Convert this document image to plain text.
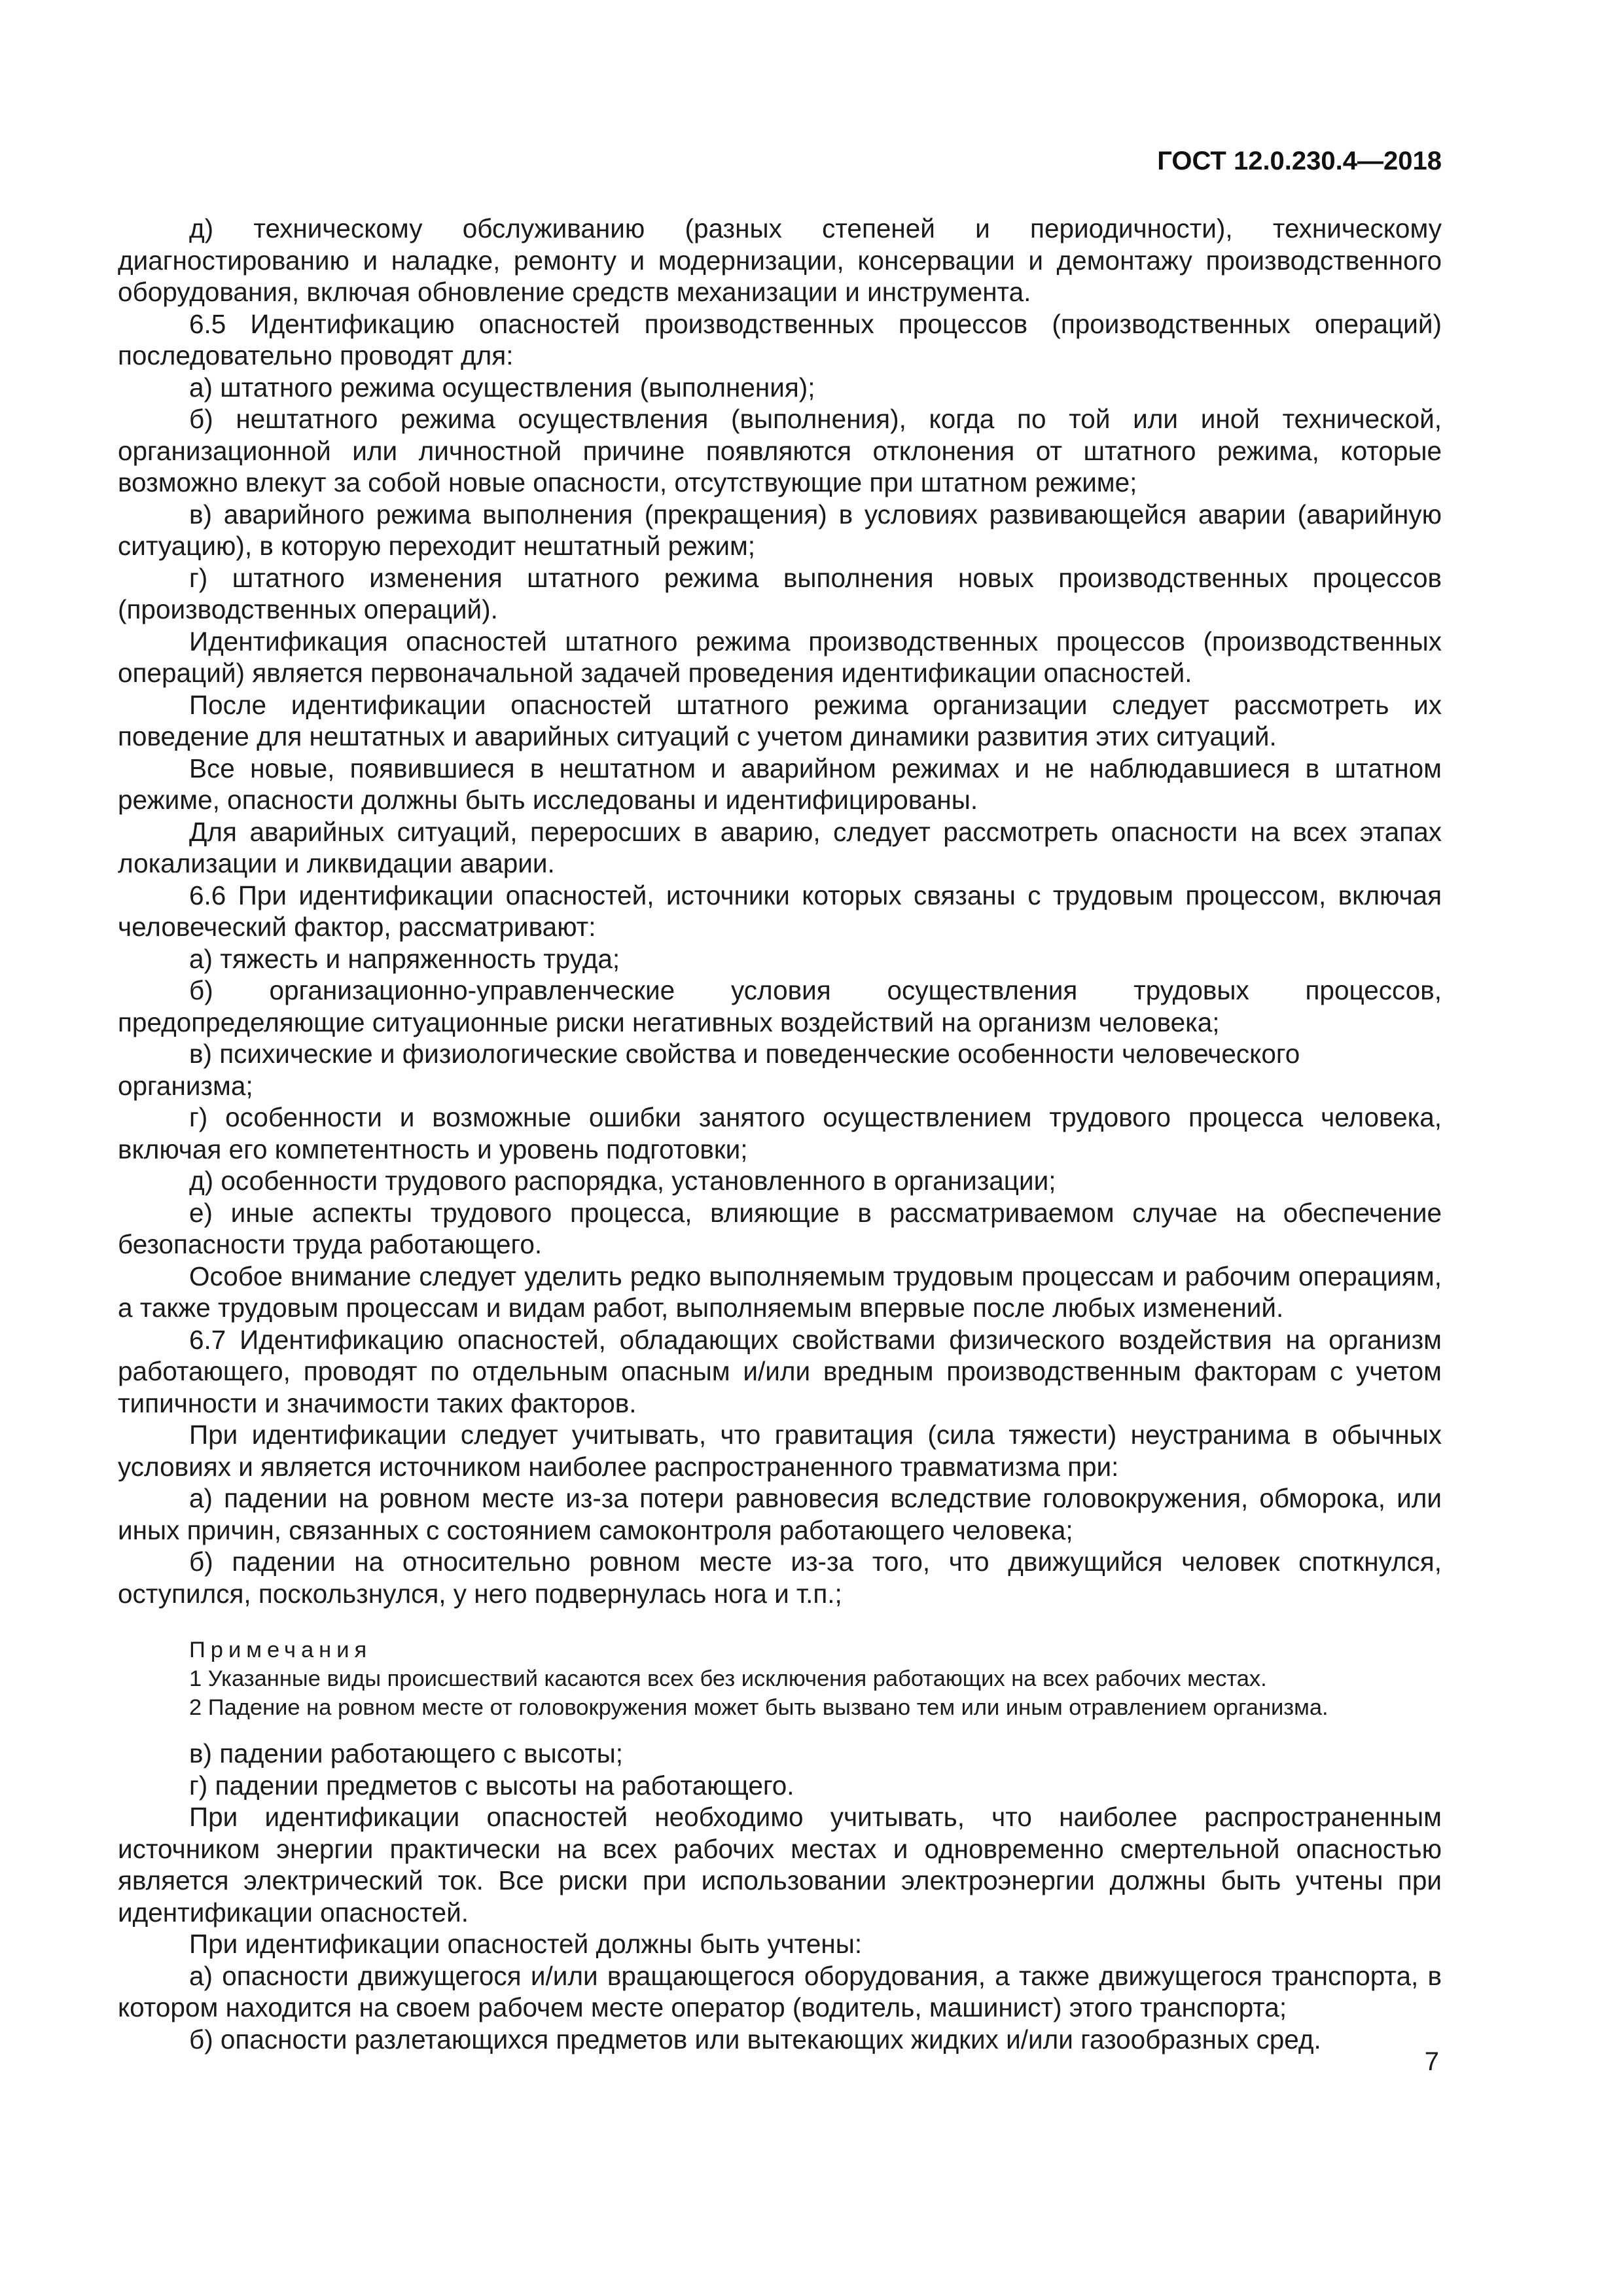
ГОСТ 12.0.230.4—2018

д) техническому обслуживанию (разных степеней и периодичности), техническому диагностированию и наладке, ремонту и модернизации, консервации и демонтажу производственного оборудования, включая обновление средств механизации и инструмента.

6.5 Идентификацию опасностей производственных процессов (производственных операций) последовательно проводят для:

а) штатного режима осуществления (выполнения);

б) нештатного режима осуществления (выполнения), когда по той или иной технической, организационной или личностной причине появляются отклонения от штатного режима, которые возможно влекут за собой новые опасности, отсутствующие при штатном режиме;

в) аварийного режима выполнения (прекращения) в условиях развивающейся аварии (аварийную ситуацию), в которую переходит нештатный режим;

г) штатного изменения штатного режима выполнения новых производственных процессов (производственных операций).

Идентификация опасностей штатного режима производственных процессов (производственных операций) является первоначальной задачей проведения идентификации опасностей.

После идентификации опасностей штатного режима организации следует рассмотреть их поведение для нештатных и аварийных ситуаций с учетом динамики развития этих ситуаций.

Все новые, появившиеся в нештатном и аварийном режимах и не наблюдавшиеся в штатном режиме, опасности должны быть исследованы и идентифицированы.

Для аварийных ситуаций, переросших в аварию, следует рассмотреть опасности на всех этапах локализации и ликвидации аварии.

6.6 При идентификации опасностей, источники которых связаны с трудовым процессом, включая человеческий фактор, рассматривают:

а) тяжесть и напряженность труда;

б) организационно-управленческие условия осуществления трудовых процессов, предопределяющие ситуационные риски негативных воздействий на организм человека;

в) психические и физиологические свойства и поведенческие особенности человеческого организма;

г) особенности и возможные ошибки занятого осуществлением трудового процесса человека, включая его компетентность и уровень подготовки;

д) особенности трудового распорядка, установленного в организации;

е) иные аспекты трудового процесса, влияющие в рассматриваемом случае на обеспечение безопасности труда работающего.

Особое внимание следует уделить редко выполняемым трудовым процессам и рабочим операциям, а также трудовым процессам и видам работ, выполняемым впервые после любых изменений.

6.7 Идентификацию опасностей, обладающих свойствами физического воздействия на организм работающего, проводят по отдельным опасным и/или вредным производственным факторам с учетом типичности и значимости таких факторов.

При идентификации следует учитывать, что гравитация (сила тяжести) неустранима в обычных условиях и является источником наиболее распространенного травматизма при:

а) падении на ровном месте из-за потери равновесия вследствие головокружения, обморока, или иных причин, связанных с состоянием самоконтроля работающего человека;

б) падении на относительно ровном месте из-за того, что движущийся человек споткнулся, оступился, поскользнулся, у него подвернулась нога и т.п.;

Примечания

1 Указанные виды происшествий касаются всех без исключения работающих на всех рабочих местах.

2 Падение на ровном месте от головокружения может быть вызвано тем или иным отравлением организма.

в) падении работающего с высоты;

г) падении предметов с высоты на работающего.

При идентификации опасностей необходимо учитывать, что наиболее распространенным источником энергии практически на всех рабочих местах и одновременно смертельной опасностью является электрический ток. Все риски при использовании электроэнергии должны быть учтены при идентификации опасностей.

При идентификации опасностей должны быть учтены:

а) опасности движущегося и/или вращающегося оборудования, а также движущегося транспорта, в котором находится на своем рабочем месте оператор (водитель, машинист) этого транспорта;

б) опасности разлетающихся предметов или вытекающих жидких и/или газообразных сред.

7
